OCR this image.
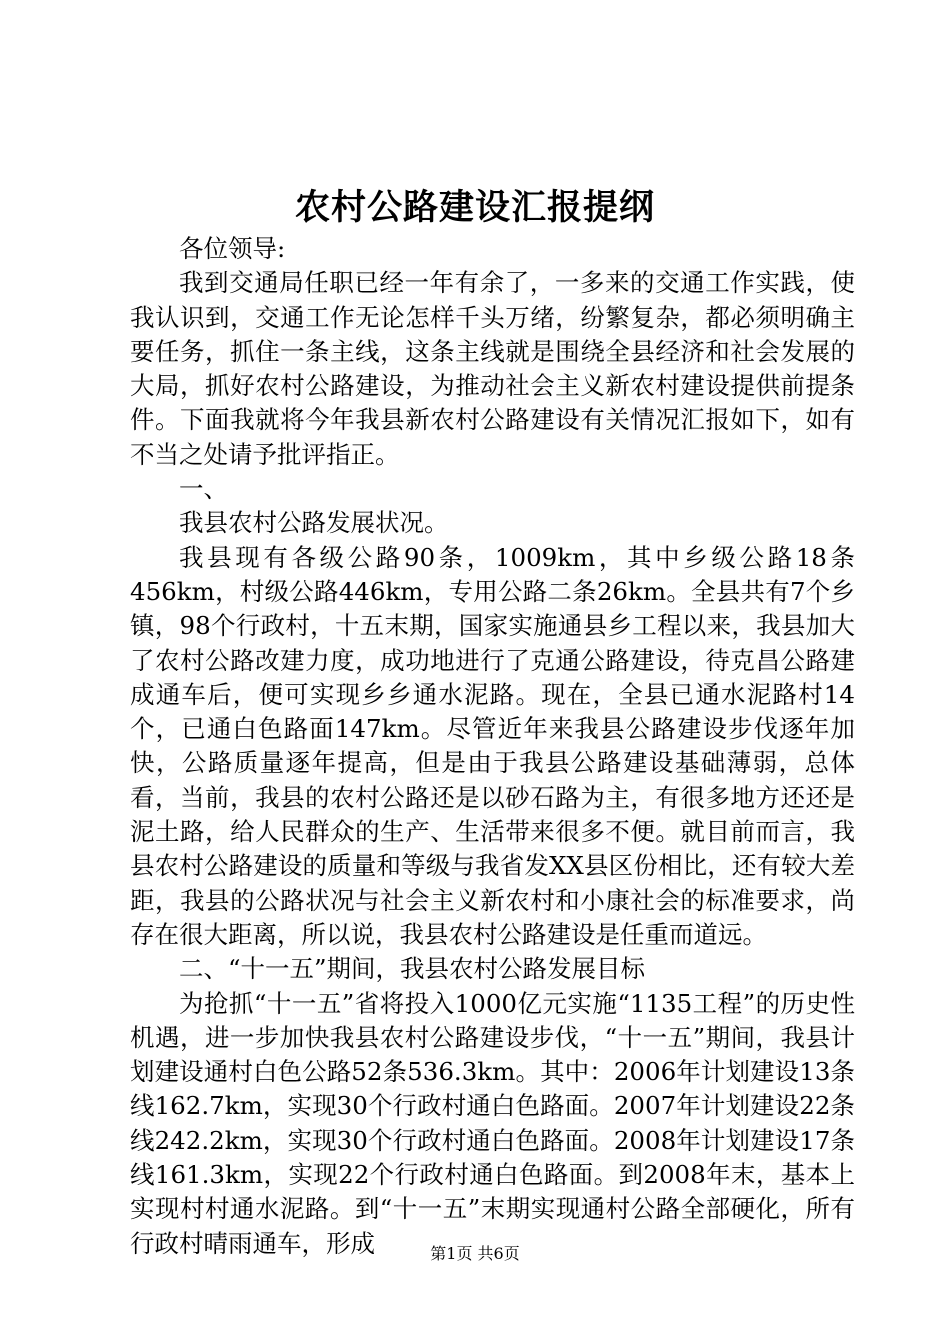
农村公路建设汇报提纲

各位领导:

我到交通局任职已经一年有余了，一多来的交通工作实践，使我认识到，交通工作无论怎样千头万绪，纷繁复杂，都必须明确主要任务，抓住一条主线，这条主线就是围绕全县经济和社会发展的大局，抓好农村公路建设，为推动社会主义新农村建设提供前提条件。下面我就将今年我县新农村公路建设有关情况汇报如下，如有不当之处请予批评指正。

一、

我县农村公路发展状况。

我县现有各级公路90条，1009km，其中乡级公路18条456km，村级公路446km，专用公路二条26km。全县共有7个乡镇，98个行政村，十五末期，国家实施通县乡工程以来，我县加大了农村公路改建力度，成功地进行了克通公路建设，待克昌公路建成通车后，便可实现乡乡通水泥路。现在，全县已通水泥路村14个，已通白色路面147km。尽管近年来我县公路建设步伐逐年加快，公路质量逐年提高，但是由于我县公路建设基础薄弱，总体看，当前，我县的农村公路还是以砂石路为主，有很多地方还还是泥土路，给人民群众的生产、生活带来很多不便。就目前而言，我县农村公路建设的质量和等级与我省发XX县区份相比，还有较大差距，我县的公路状况与社会主义新农村和小康社会的标准要求，尚存在很大距离，所以说，我县农村公路建设是任重而道远。

二、“十一五”期间，我县农村公路发展目标

为抢抓“十一五”省将投入1000亿元实施“1135工程”的历史性机遇，进一步加快我县农村公路建设步伐，“十一五”期间，我县计划建设通村白色公路52条536.3km。其中：2006年计划建设13条线162.7km，实现30个行政村通白色路面。2007年计划建设22条线242.2km，实现30个行政村通白色路面。2008年计划建设17条线161.3km，实现22个行政村通白色路面。到2008年末，基本上实现村村通水泥路。到“十一五”末期实现通村公路全部硬化，所有行政村晴雨通车，形成	第1页 共6页
